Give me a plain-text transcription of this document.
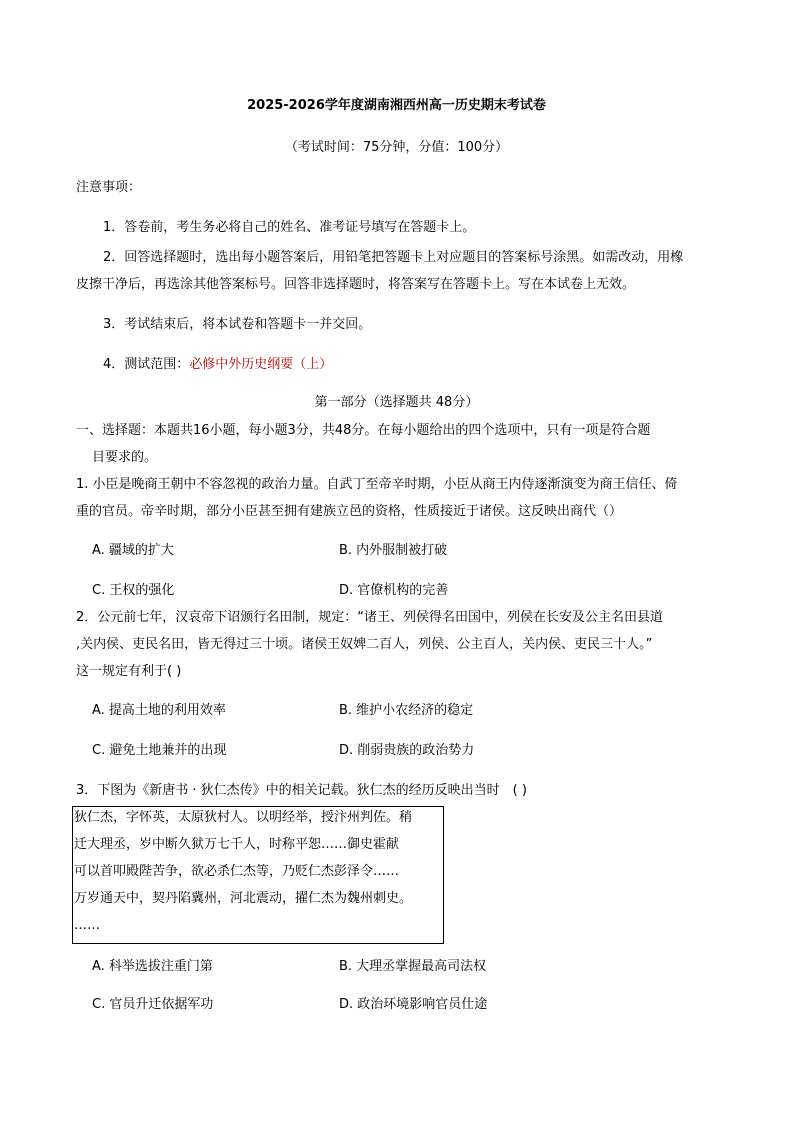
2025-2026学年度湖南湘西州高一历史期末考试卷
（考试时间：75分钟，分值：100分）
注意事项：
1．答卷前，考生务必将自己的姓名、准考证号填写在答题卡上。
2．回答选择题时，选出每小题答案后，用铅笔把答题卡上对应题目的答案标号涂黑。如需改动，用橡
皮擦干净后，再选涂其他答案标号。回答非选择题时，将答案写在答题卡上。写在本试卷上无效。
3．考试结束后，将本试卷和答题卡一并交回。
4．测试范围：必修中外历史纲要（上）
第一部分（选择题共 48分）
一、选择题：本题共16小题，每小题3分，共48分。在每小题给出的四个选项中，只有一项是符合题
目要求的。
1. 小臣是晚商王朝中不容忽视的政治力量。自武丁至帝辛时期，小臣从商王内侍逐渐演变为商王信任、倚
重的官员。帝辛时期，部分小臣甚至拥有建族立邑的资格，性质接近于诸侯。这反映出商代（）
A. 疆域的扩大	B. 内外服制被打破
C. 王权的强化	D. 官僚机构的完善
2．公元前七年，汉哀帝下诏颁行名田制，规定：“诸王、列侯得名田国中，列侯在长安及公主名田县道
,关内侯、吏民名田，皆无得过三十顷。诸侯王奴婢二百人，列侯、公主百人，关内侯、吏民三十人。”
这一规定有利于( )
A. 提高土地的利用效率	B. 维护小农经济的稳定
C. 避免土地兼并的出现	D. 削弱贵族的政治势力
3．下图为《新唐书 · 狄仁杰传》中的相关记载。狄仁杰的经历反映出当时　( )
狄仁杰，字怀英，太原狄村人。以明经举，授汴州判佐。稍
迁大理丞，岁中断久狱万七千人，时称平恕……御史霍献
可以首叩殿陛苦争，欲必杀仁杰等，乃贬仁杰彭泽令……
万岁通天中，契丹陷冀州，河北震动，擢仁杰为魏州刺史。
……
A. 科举选拔注重门第	B. 大理丞掌握最高司法权
C. 官员升迁依据军功	D. 政治环境影响官员仕途
